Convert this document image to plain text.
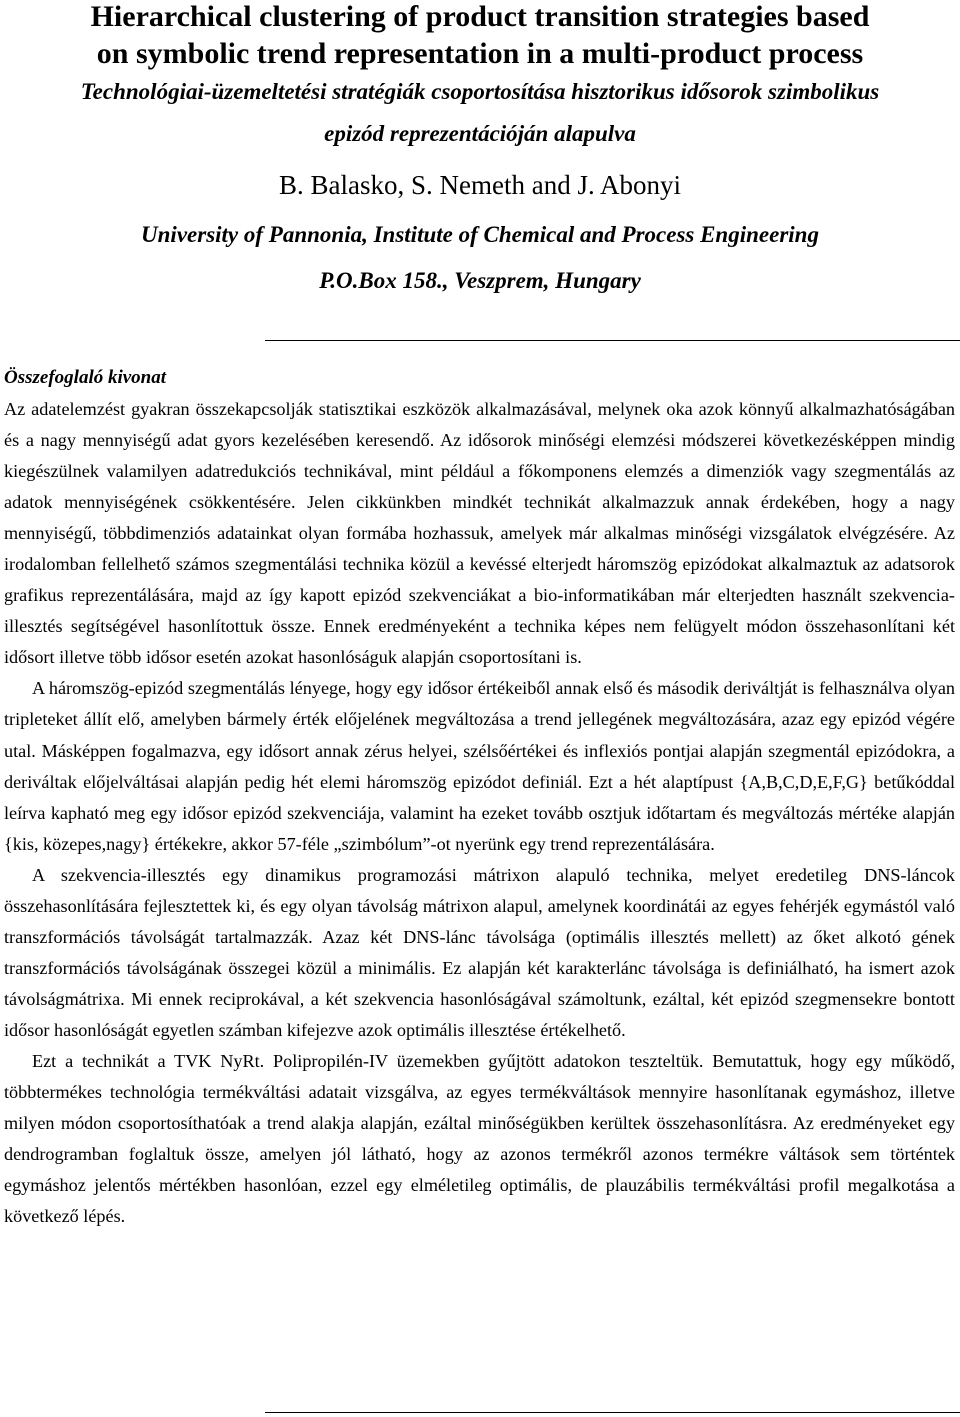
Hierarchical clustering of product transition strategies based
on symbolic trend representation in a multi-product process
Technológiai-üzemeltetési stratégiák csoportosítása hisztorikus idősorok szimbolikus
epizód reprezentációján alapulva

B. Balasko, S. Nemeth and J. Abonyi

University of Pannonia, Institute of Chemical and Process Engineering

P.O.Box 158., Veszprem, Hungary

Összefoglaló kivonat

Az adatelemzést gyakran összekapcsolják statisztikai eszközök alkalmazásával, melynek oka azok könnyű alkalmazhatóságában és a nagy mennyiségű adat gyors kezelésében keresendő. Az idősorok minőségi elemzési módszerei következésképpen mindig kiegészülnek valamilyen adatredukciós technikával, mint például a főkomponens elemzés a dimenziók vagy szegmentálás az adatok mennyiségének csökkentésére. Jelen cikkünkben mindkét technikát alkalmazzuk annak érdekében, hogy a nagy mennyiségű, többdimenziós adatainkat olyan formába hozhassuk, amelyek már alkalmas minőségi vizsgálatok elvégzésére. Az irodalomban fellelhető számos szegmentálási technika közül a kevéssé elterjedt háromszög epizódokat alkalmaztuk az adatsorok grafikus reprezentálására, majd az így kapott epizód szekvenciákat a bio-informatikában már elterjedten használt szekvencia-illesztés segítségével hasonlítottuk össze. Ennek eredményeként a technika képes nem felügyelt módon összehasonlítani két idősort illetve több idősor esetén azokat hasonlóságuk alapján csoportosítani is.

A háromszög-epizód szegmentálás lényege, hogy egy idősor értékeiből annak első és második deriváltját is felhasználva olyan tripleteket állít elő, amelyben bármely érték előjelének megváltozása a trend jellegének megváltozására, azaz egy epizód végére utal. Másképpen fogalmazva, egy idősort annak zérus helyei, szélsőértékei és inflexiós pontjai alapján szegmentál epizódokra, a deriváltak előjelváltásai alapján pedig hét elemi háromszög epizódot definiál. Ezt a hét alaptípust {A,B,C,D,E,F,G} betűkóddal leírva kapható meg egy idősor epizód szekvenciája, valamint ha ezeket tovább osztjuk időtartam és megváltozás mértéke alapján {kis, közepes,nagy} értékekre, akkor 57-féle „szimbólum”-ot nyerünk egy trend reprezentálására.

A szekvencia-illesztés egy dinamikus programozási mátrixon alapuló technika, melyet eredetileg DNS-láncok összehasonlítására fejlesztettek ki, és egy olyan távolság mátrixon alapul, amelynek koordinátái az egyes fehérjék egymástól való transzformációs távolságát tartalmazzák. Azaz két DNS-lánc távolsága (optimális illesztés mellett) az őket alkotó gének transzformációs távolságának összegei közül a minimális. Ez alapján két karakterlánc távolsága is definiálható, ha ismert azok távolságmátrixa. Mi ennek reciprokával, a két szekvencia hasonlóságával számoltunk, ezáltal, két epizód szegmensekre bontott idősor hasonlóságát egyetlen számban kifejezve azok optimális illesztése értékelhető.

Ezt a technikát a TVK NyRt. Polipropilén-IV üzemekben gyűjtött adatokon teszteltük. Bemutattuk, hogy egy működő, többtermékes technológia termékváltási adatait vizsgálva, az egyes termékváltások mennyire hasonlítanak egymáshoz, illetve milyen módon csoportosíthatóak a trend alakja alapján, ezáltal minőségükben kerültek összehasonlításra. Az eredményeket egy dendrogramban foglaltuk össze, amelyen jól látható, hogy az azonos termékről azonos termékre váltások sem történtek egymáshoz jelentős mértékben hasonlóan, ezzel egy elméletileg optimális, de plauzábilis termékváltási profil megalkotása a következő lépés.
